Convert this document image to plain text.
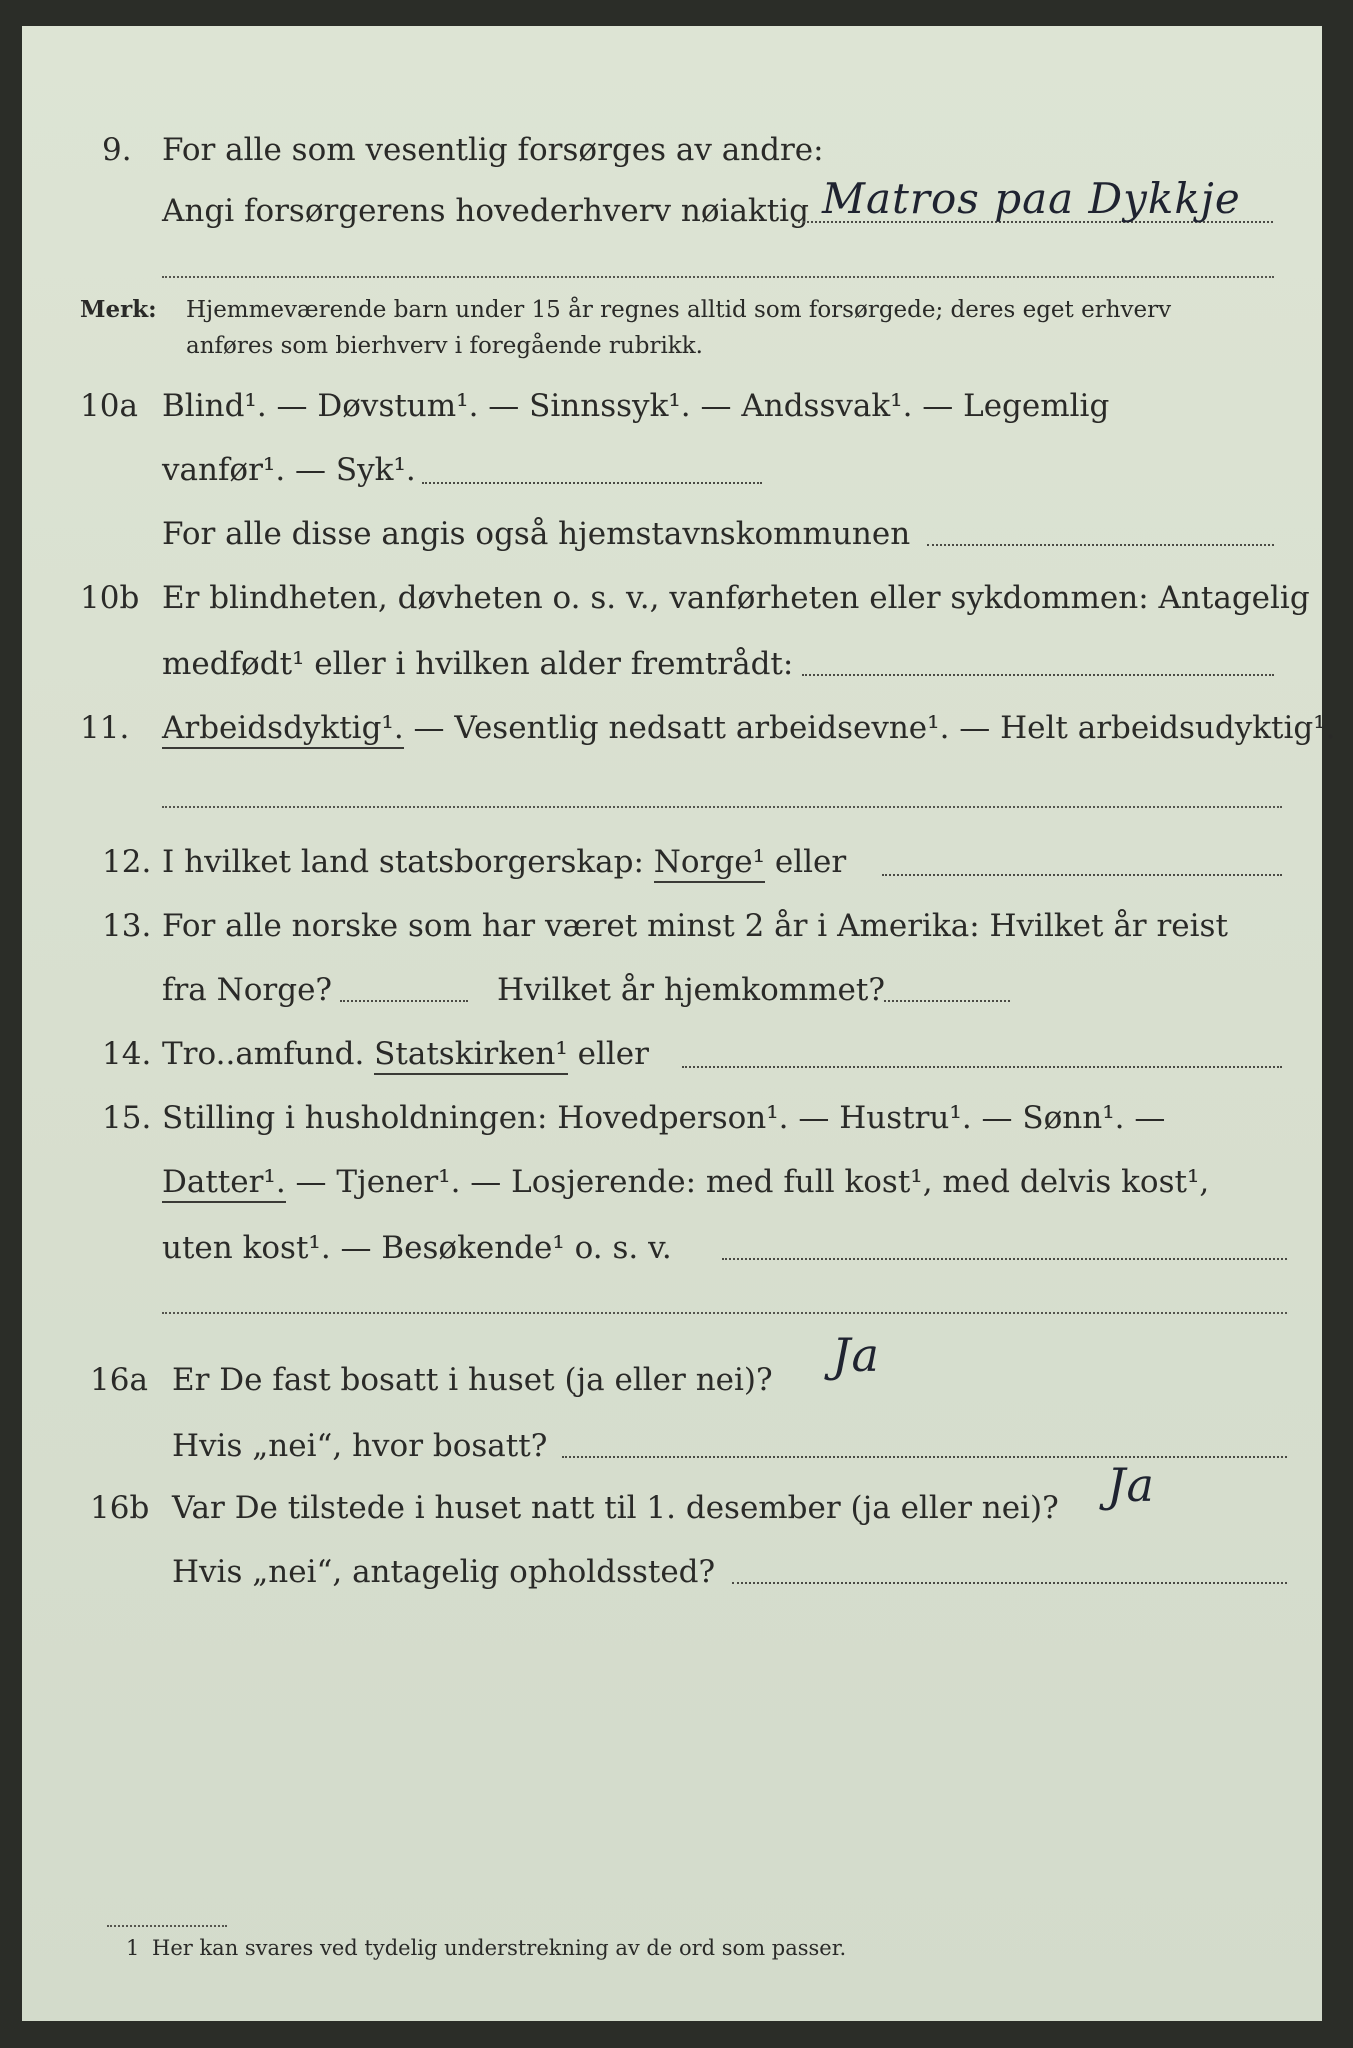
9. For alle som vesentlig forsørges av andre:
Angi forsørgerens hovederhverv nøiaktig Matros paa Dykkje
Merk: Hjemmeværende barn under 15 år regnes alltid som forsørgede; deres eget erhverv
anføres som bierhverv i foregående rubrikk.
10a Blind¹. — Døvstum¹. — Sinnssyk¹. — Andssvak¹. — Legemlig
vanfør¹. — Syk¹.
For alle disse angis også hjemstavnskommunen
10b Er blindheten, døvheten o. s. v., vanførheten eller sykdommen: Antagelig
medfødt¹ eller i hvilken alder fremtrådt:
11. Arbeidsdyktig¹. — Vesentlig nedsatt arbeidsevne¹. — Helt arbeidsudyktig¹.
12. I hvilket land statsborgerskap: Norge¹ eller
13. For alle norske som har været minst 2 år i Amerika: Hvilket år reist
fra Norge?	Hvilket år hjemkommet?
14. Tro..amfund. Statskirken¹ eller
15. Stilling i husholdningen: Hovedperson¹. — Hustru¹. — Sønn¹. —
Datter¹. — Tjener¹. — Losjerende: med full kost¹, med delvis kost¹,
uten kost¹. — Besøkende¹ o. s. v.
16a Er De fast bosatt i huset (ja eller nei)? Ja
Hvis „nei“, hvor bosatt?
16b Var De tilstede i huset natt til 1. desember (ja eller nei)? Ja
Hvis „nei“, antagelig opholdssted?
1 Her kan svares ved tydelig understrekning av de ord som passer.
